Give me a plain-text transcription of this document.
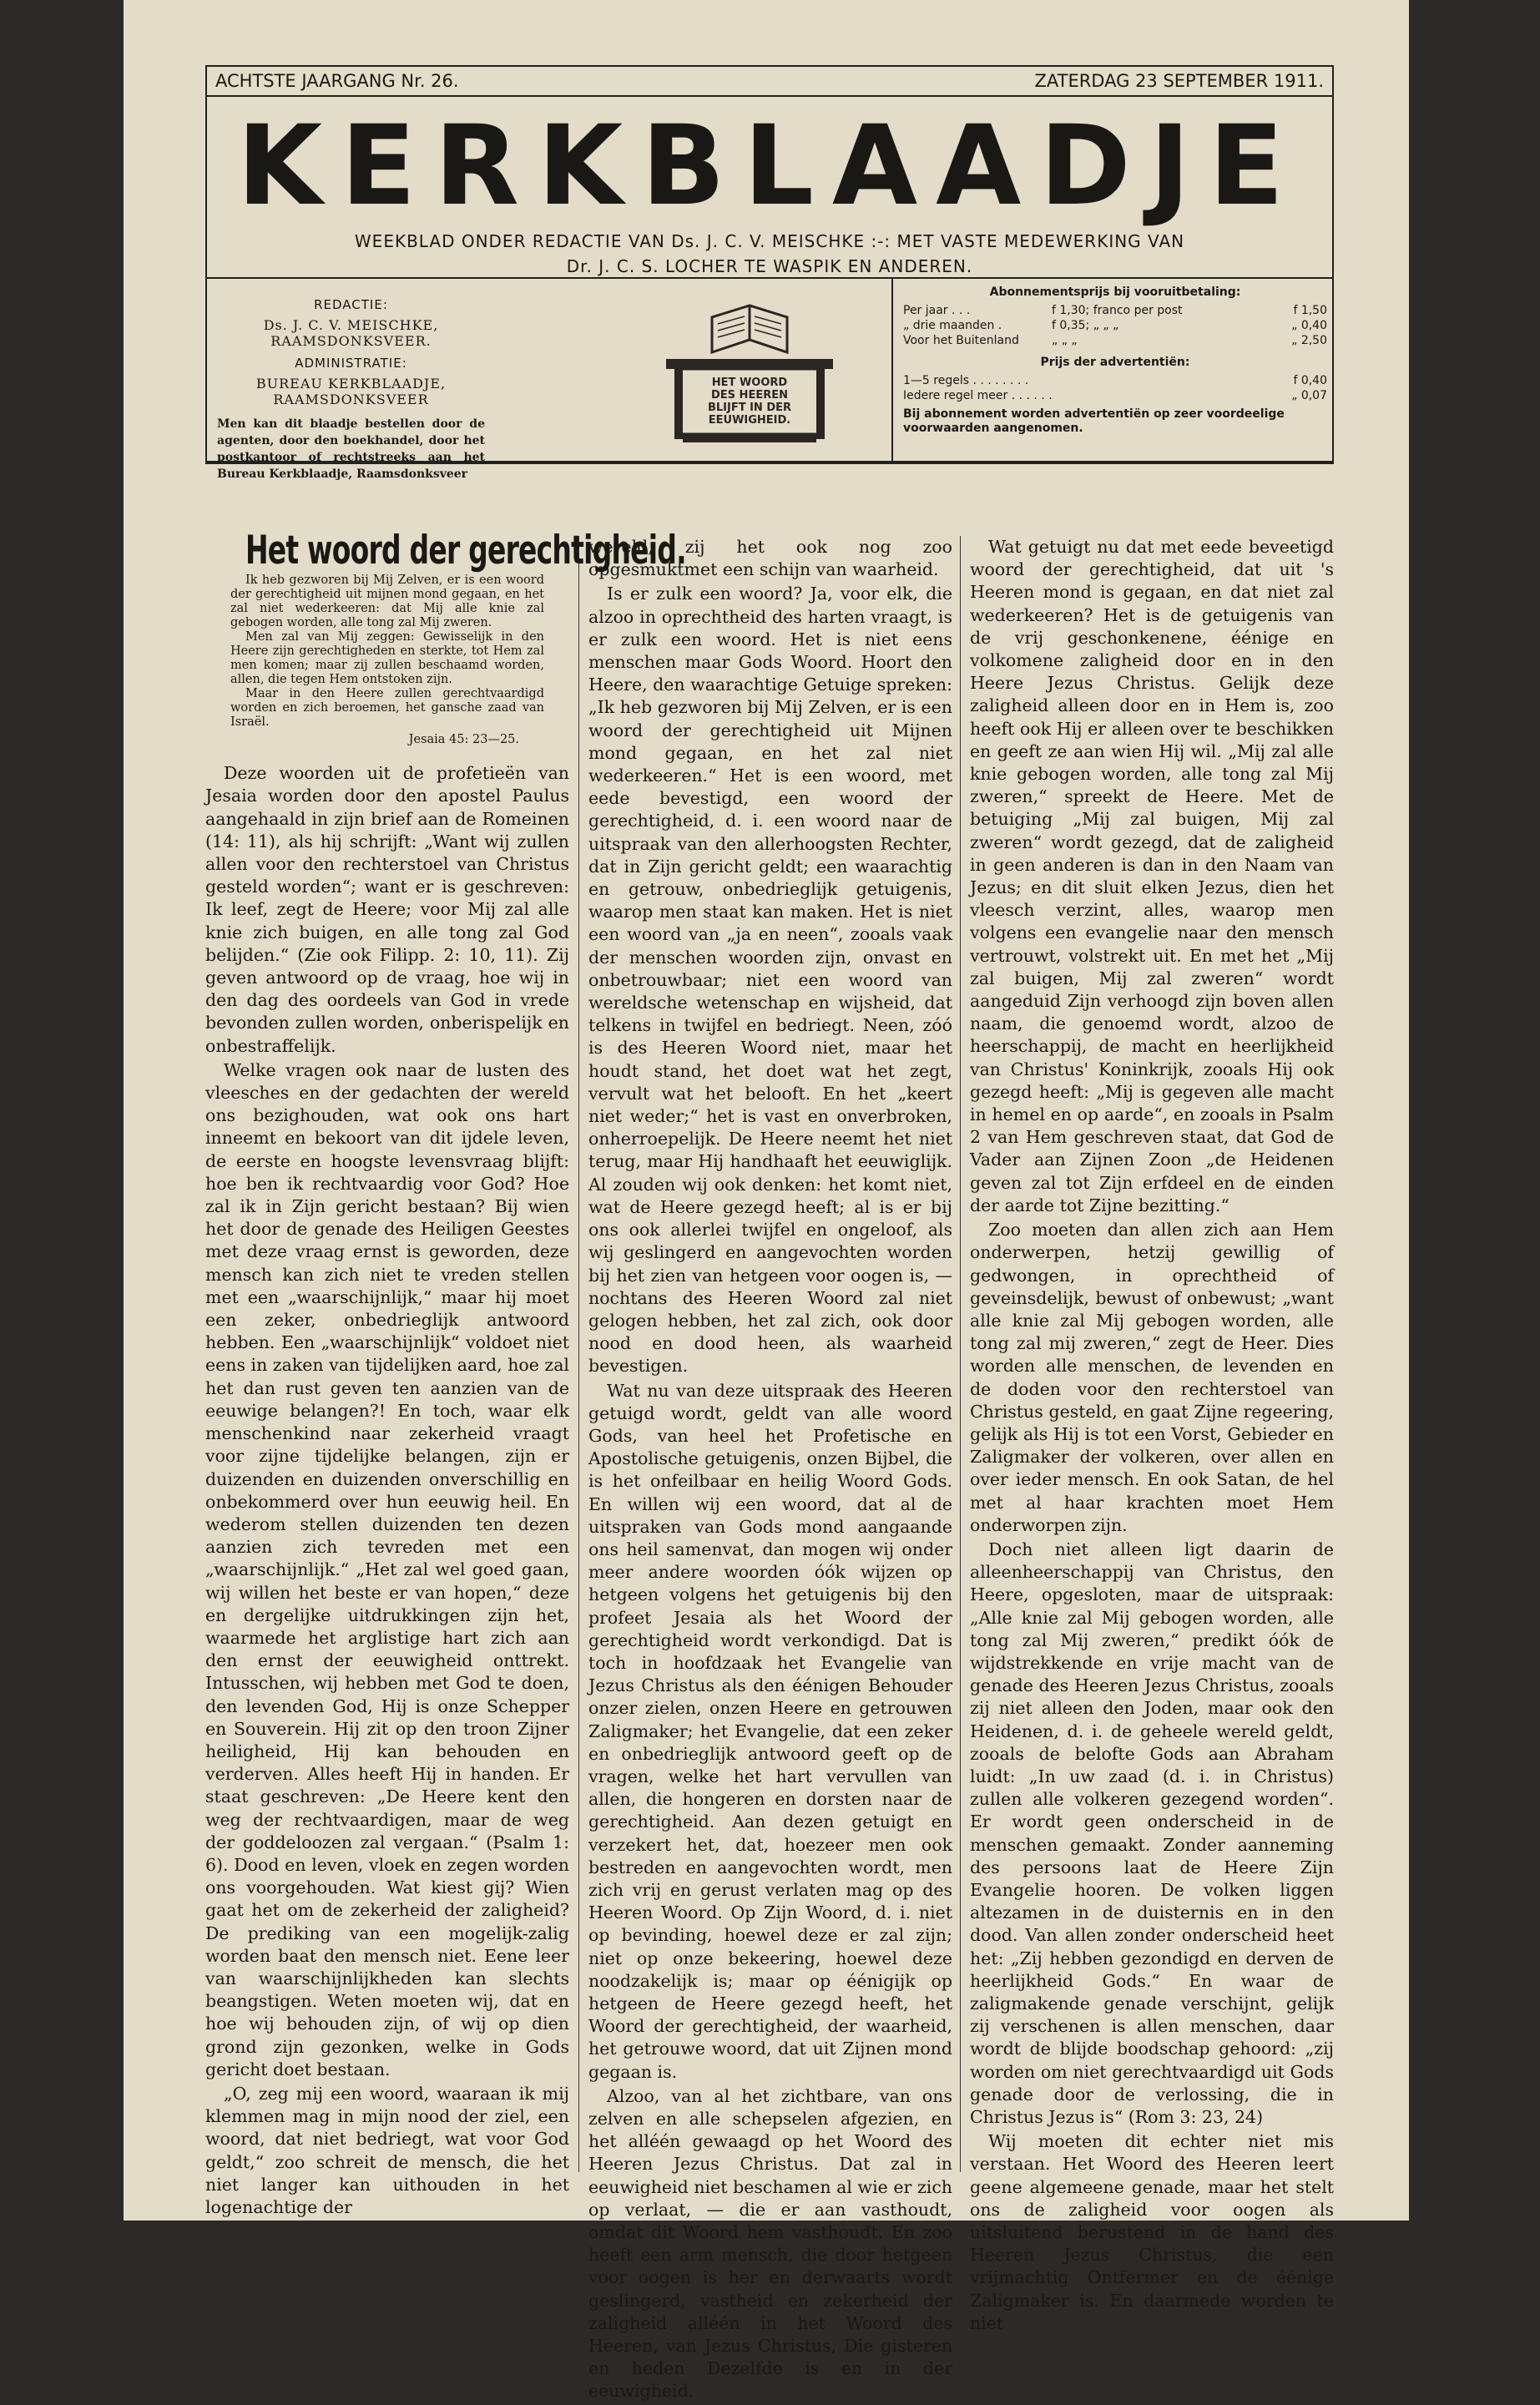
ACHTSTE JAARGANG Nr. 26.	ZATERDAG 23 SEPTEMBER 1911.
KERKBLAADJE
WEEKBLAD ONDER REDACTIE VAN Ds. J. C. V. MEISCHKE :-: MET VASTE MEDEWERKING VAN
Dr. J. C. S. LOCHER TE WASPIK EN ANDEREN.
REDACTIE:
Ds. J. C. V. MEISCHKE, RAAMSDONKSVEER.
ADMINISTRATIE:
BUREAU KERKBLAADJE, RAAMSDONKSVEER
Men kan dit blaadje bestellen door de agenten, door den boekhandel, door het postkantoor of rechtstreeks aan het Bureau Kerkblaadje, Raamsdonksveer
HET WOORD
DES HEEREN
BLIJFT IN DER
EEUWIGHEID.
Abonnementsprijs bij vooruitbetaling:
Per jaar . . .	f 1,30; franco per post	f 1,50
„ drie maanden .	f 0,35; „ „ „	„ 0,40
Voor het Buitenland	„ „ „	„ 2,50
Prijs der advertentiën:
1—5 regels . . . . . . . .	f 0,40
Iedere regel meer . . . . . .	„ 0,07
Bij abonnement worden advertentiën op zeer voordeelige voorwaarden aangenomen.
Het woord der gerechtigheid.

Ik heb gezworen bij Mij Zelven, er is een woord der gerechtigheid uit mijnen mond gegaan, en het zal niet wederkeeren: dat Mij alle knie zal gebogen worden, alle tong zal Mij zweren.

Men zal van Mij zeggen: Gewisselijk in den Heere zijn gerechtigheden en sterkte, tot Hem zal men komen; maar zij zullen beschaamd worden, allen, die tegen Hem ontstoken zijn.

Maar in den Heere zullen gerechtvaardigd worden en zich beroemen, het gansche zaad van Israël.

Jesaia 45: 23—25.

Deze woorden uit de profetieën van Jesaia worden door den apostel Paulus aangehaald in zijn brief aan de Romeinen (14: 11), als hij schrijft: „Want wij zullen allen voor den rechterstoel van Christus gesteld worden“; want er is geschreven: Ik leef, zegt de Heere; voor Mij zal alle knie zich buigen, en alle tong zal God belijden.“ (Zie ook Filipp. 2: 10, 11). Zij geven antwoord op de vraag, hoe wij in den dag des oordeels van God in vrede bevonden zullen worden, onberispelijk en onbestraffelijk.

Welke vragen ook naar de lusten des vleesches en der gedachten der wereld ons bezighouden, wat ook ons hart inneemt en bekoort van dit ijdele leven, de eerste en hoogste levensvraag blijft: hoe ben ik rechtvaardig voor God? Hoe zal ik in Zijn gericht bestaan? Bij wien het door de genade des Heiligen Geestes met deze vraag ernst is geworden, deze mensch kan zich niet te vreden stellen met een „waarschijnlijk,“ maar hij moet een zeker, onbedrieglijk antwoord hebben. Een „waarschijnlijk“ voldoet niet eens in zaken van tijdelijken aard, hoe zal het dan rust geven ten aanzien van de eeuwige belangen?! En toch, waar elk menschenkind naar zekerheid vraagt voor zijne tijdelijke belangen, zijn er duizenden en duizenden onverschillig en onbekommerd over hun eeuwig heil. En wederom stellen duizenden ten dezen aanzien zich tevreden met een „waarschijnlijk.“ „Het zal wel goed gaan, wij willen het beste er van hopen,“ deze en dergelijke uitdrukkingen zijn het, waarmede het arglistige hart zich aan den ernst der eeuwigheid onttrekt. Intusschen, wij hebben met God te doen, den levenden God, Hij is onze Schepper en Souverein. Hij zit op den troon Zijner heiligheid, Hij kan behouden en verderven. Alles heeft Hij in handen. Er staat geschreven: „De Heere kent den weg der rechtvaardigen, maar de weg der goddeloozen zal vergaan.“ (Psalm 1: 6). Dood en leven, vloek en zegen worden ons voorgehouden. Wat kiest gij? Wien gaat het om de zekerheid der zaligheid? De prediking van een mogelijk-zalig worden baat den mensch niet. Eene leer van waarschijnlijkheden kan slechts beangstigen. Weten moeten wij, dat en hoe wij behouden zijn, of wij op dien grond zijn gezonken, welke in Gods gericht doet bestaan.

„O, zeg mij een woord, waaraan ik mij klemmen mag in mijn nood der ziel, een woord, dat niet bedriegt, wat voor God geldt,“ zoo schreit de mensch, die het niet langer kan uithouden in het logenachtige der

wereld, zij het ook nog zoo opgesmuktmet een schijn van waarheid.

Is er zulk een woord? Ja, voor elk, die alzoo in oprechtheid des harten vraagt, is er zulk een woord. Het is niet eens menschen maar Gods Woord. Hoort den Heere, den waarachtige Getuige spreken: „Ik heb gezworen bij Mij Zelven, er is een woord der gerechtigheid uit Mijnen mond gegaan, en het zal niet wederkeeren.“ Het is een woord, met eede bevestigd, een woord der gerechtigheid, d. i. een woord naar de uitspraak van den allerhoogsten Rechter, dat in Zijn gericht geldt; een waarachtig en getrouw, onbedrieglijk getuigenis, waarop men staat kan maken. Het is niet een woord van „ja en neen“, zooals vaak der menschen woorden zijn, onvast en onbetrouwbaar; niet een woord van wereldsche wetenschap en wijsheid, dat telkens in twijfel en bedriegt. Neen, zóó is des Heeren Woord niet, maar het houdt stand, het doet wat het zegt, vervult wat het belooft. En het „keert niet weder;“ het is vast en onverbroken, onherroepelijk. De Heere neemt het niet terug, maar Hij handhaaft het eeuwiglijk. Al zouden wij ook denken: het komt niet, wat de Heere gezegd heeft; al is er bij ons ook allerlei twijfel en ongeloof, als wij geslingerd en aangevochten worden bij het zien van hetgeen voor oogen is, — nochtans des Heeren Woord zal niet gelogen hebben, het zal zich, ook door nood en dood heen, als waarheid bevestigen.

Wat nu van deze uitspraak des Heeren getuigd wordt, geldt van alle woord Gods, van heel het Profetische en Apostolische getuigenis, onzen Bijbel, die is het onfeilbaar en heilig Woord Gods. En willen wij een woord, dat al de uitspraken van Gods mond aangaande ons heil samenvat, dan mogen wij onder meer andere woorden óók wijzen op hetgeen volgens het getuigenis bij den profeet Jesaia als het Woord der gerechtigheid wordt verkondigd. Dat is toch in hoofdzaak het Evangelie van Jezus Christus als den éénigen Behouder onzer zielen, onzen Heere en getrouwen Zaligmaker; het Evangelie, dat een zeker en onbedrieglijk antwoord geeft op de vragen, welke het hart vervullen van allen, die hongeren en dorsten naar de gerechtigheid. Aan dezen getuigt en verzekert het, dat, hoezeer men ook bestreden en aangevochten wordt, men zich vrij en gerust verlaten mag op des Heeren Woord. Op Zijn Woord, d. i. niet op bevinding, hoewel deze er zal zijn; niet op onze bekeering, hoewel deze noodzakelijk is; maar op éénigijk op hetgeen de Heere gezegd heeft, het Woord der gerechtigheid, der waarheid, het getrouwe woord, dat uit Zijnen mond gegaan is.

Alzoo, van al het zichtbare, van ons zelven en alle schepselen afgezien, en het alléén gewaagd op het Woord des Heeren Jezus Christus. Dat zal in eeuwigheid niet beschamen al wie er zich op verlaat, — die er aan vasthoudt, omdat dit Woord hem vasthoudt. En zoo heeft een arm mensch, die door hetgeen voor oogen is her en derwaarts wordt geslingerd, vastheid en zekerheid der zaligheid alléén in het Woord des Heeren, van Jezus Christus, Die gisteren en heden Dezelfde is en in der eeuwigheid.

Wat getuigt nu dat met eede beveetigd woord der gerechtigheid, dat uit 's Heeren mond is gegaan, en dat niet zal wederkeeren? Het is de getuigenis van de vrij geschonkenene, éénige en volkomene zaligheid door en in den Heere Jezus Christus. Gelijk deze zaligheid alleen door en in Hem is, zoo heeft ook Hij er alleen over te beschikken en geeft ze aan wien Hij wil. „Mij zal alle knie gebogen worden, alle tong zal Mij zweren,“ spreekt de Heere. Met de betuiging „Mij zal buigen, Mij zal zweren“ wordt gezegd, dat de zaligheid in geen anderen is dan in den Naam van Jezus; en dit sluit elken Jezus, dien het vleesch verzint, alles, waarop men volgens een evangelie naar den mensch vertrouwt, volstrekt uit. En met het „Mij zal buigen, Mij zal zweren“ wordt aangeduid Zijn verhoogd zijn boven allen naam, die genoemd wordt, alzoo de heerschappij, de macht en heerlijkheid van Christus' Koninkrijk, zooals Hij ook gezegd heeft: „Mij is gegeven alle macht in hemel en op aarde“, en zooals in Psalm 2 van Hem geschreven staat, dat God de Vader aan Zijnen Zoon „de Heidenen geven zal tot Zijn erfdeel en de einden der aarde tot Zijne bezitting.“

Zoo moeten dan allen zich aan Hem onderwerpen, hetzij gewillig of gedwongen, in oprechtheid of geveinsdelijk, bewust of onbewust; „want alle knie zal Mij gebogen worden, alle tong zal mij zweren,“ zegt de Heer. Dies worden alle menschen, de levenden en de doden voor den rechterstoel van Christus gesteld, en gaat Zijne regeering, gelijk als Hij is tot een Vorst, Gebieder en Zaligmaker der volkeren, over allen en over ieder mensch. En ook Satan, de hel met al haar krachten moet Hem onderworpen zijn.

Doch niet alleen ligt daarin de alleenheerschappij van Christus, den Heere, opgesloten, maar de uitspraak: „Alle knie zal Mij gebogen worden, alle tong zal Mij zweren,“ predikt óók de wijdstrekkende en vrije macht van de genade des Heeren Jezus Christus, zooals zij niet alleen den Joden, maar ook den Heidenen, d. i. de geheele wereld geldt, zooals de belofte Gods aan Abraham luidt: „In uw zaad (d. i. in Christus) zullen alle volkeren gezegend worden“. Er wordt geen onderscheid in de menschen gemaakt. Zonder aanneming des persoons laat de Heere Zijn Evangelie hooren. De volken liggen altezamen in de duisternis en in den dood. Van allen zonder onderscheid heet het: „Zij hebben gezondigd en derven de heerlijkheid Gods.“ En waar de zaligmakende genade verschijnt, gelijk zij verschenen is allen menschen, daar wordt de blijde boodschap gehoord: „zij worden om niet gerechtvaardigd uit Gods genade door de verlossing, die in Christus Jezus is“ (Rom 3: 23, 24)

Wij moeten dit echter niet mis verstaan. Het Woord des Heeren leert geene algemeene genade, maar het stelt ons de zaligheid voor oogen als uitsluitend berustend in de hand des Heeren Jezus Christus, die een vrijmachtig Ontfermer en de éénige Zaligmaker is. En daarmede worden te niet
